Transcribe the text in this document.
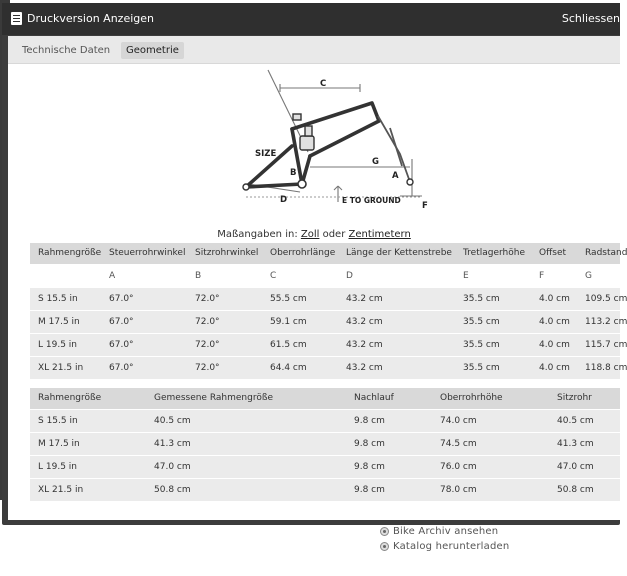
Bike Archiv ansehen
Katalog herunterladen
Druckversion Anzeigen	Schliessen
Technische Daten	Geometrie
C
SIZE
G
B	A
D	E TO GROUND
F
Maßangaben in: Zoll oder Zentimetern
Rahmengröße	Steuerrohrwinkel	Sitzrohrwinkel	Oberrohrlänge	Länge der Kettenstrebe	Tretlagerhöhe	Offset	Radstand
	A	B	C	D	E	F	G
S 15.5 in	67.0°	72.0°	55.5 cm	43.2 cm	35.5 cm	4.0 cm	109.5 cm
M 17.5 in	67.0°	72.0°	59.1 cm	43.2 cm	35.5 cm	4.0 cm	113.2 cm
L 19.5 in	67.0°	72.0°	61.5 cm	43.2 cm	35.5 cm	4.0 cm	115.7 cm
XL 21.5 in	67.0°	72.0°	64.4 cm	43.2 cm	35.5 cm	4.0 cm	118.8 cm
Rahmengröße	Gemessene Rahmengröße	Nachlauf	Oberrohrhöhe	Sitzrohr
S 15.5 in	40.5 cm	9.8 cm	74.0 cm	40.5 cm
M 17.5 in	41.3 cm	9.8 cm	74.5 cm	41.3 cm
L 19.5 in	47.0 cm	9.8 cm	76.0 cm	47.0 cm
XL 21.5 in	50.8 cm	9.8 cm	78.0 cm	50.8 cm
